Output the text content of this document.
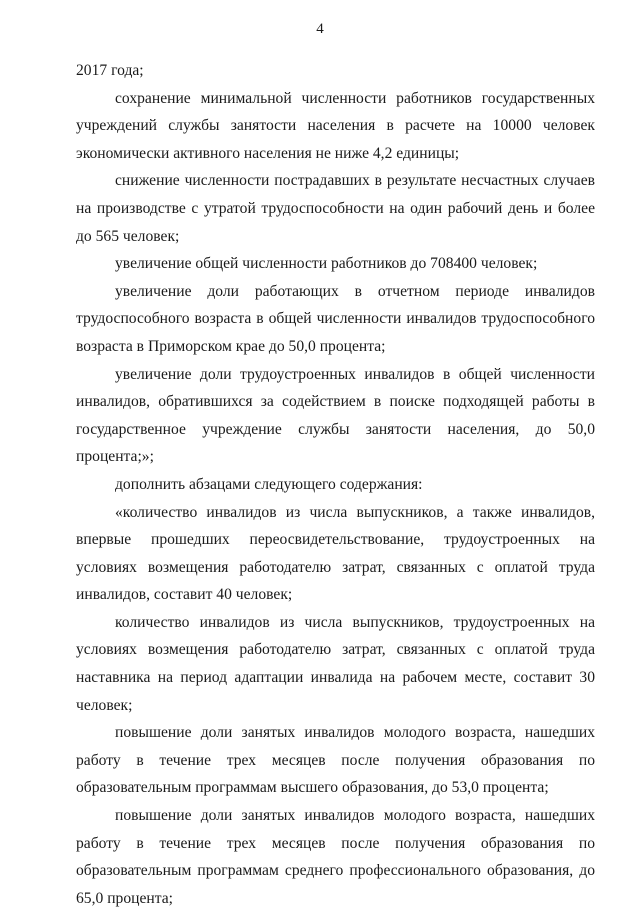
4

2017 года;

сохранение минимальной численности работников государственных учреждений службы занятости населения в расчете на 10000 человек экономически активного населения не ниже 4,2 единицы;

снижение численности пострадавших в результате несчастных случаев на производстве с утратой трудоспособности на один рабочий день и более до 565 человек;

увеличение общей численности работников до 708400 человек;

увеличение доли работающих в отчетном периоде инвалидов трудоспособного возраста в общей численности инвалидов трудоспособного возраста в Приморском крае до 50,0 процента;

увеличение доли трудоустроенных инвалидов в общей численности инвалидов, обратившихся за содействием в поиске подходящей работы в государственное учреждение службы занятости населения, до 50,0 процента;»;

дополнить абзацами следующего содержания:

«количество инвалидов из числа выпускников, а также инвалидов, впервые прошедших переосвидетельствование, трудоустроенных на условиях возмещения работодателю затрат, связанных с оплатой труда инвалидов, составит 40 человек;

количество инвалидов из числа выпускников, трудоустроенных на условиях возмещения работодателю затрат, связанных с оплатой труда наставника на период адаптации инвалида на рабочем месте, составит 30 человек;

повышение доли занятых инвалидов молодого возраста, нашедших работу в течение трех месяцев после получения образования по образовательным программам высшего образования, до 53,0 процента;

повышение доли занятых инвалидов молодого возраста, нашедших работу в течение трех месяцев после получения образования по образовательным программам среднего профессионального образования, до 65,0 процента;
